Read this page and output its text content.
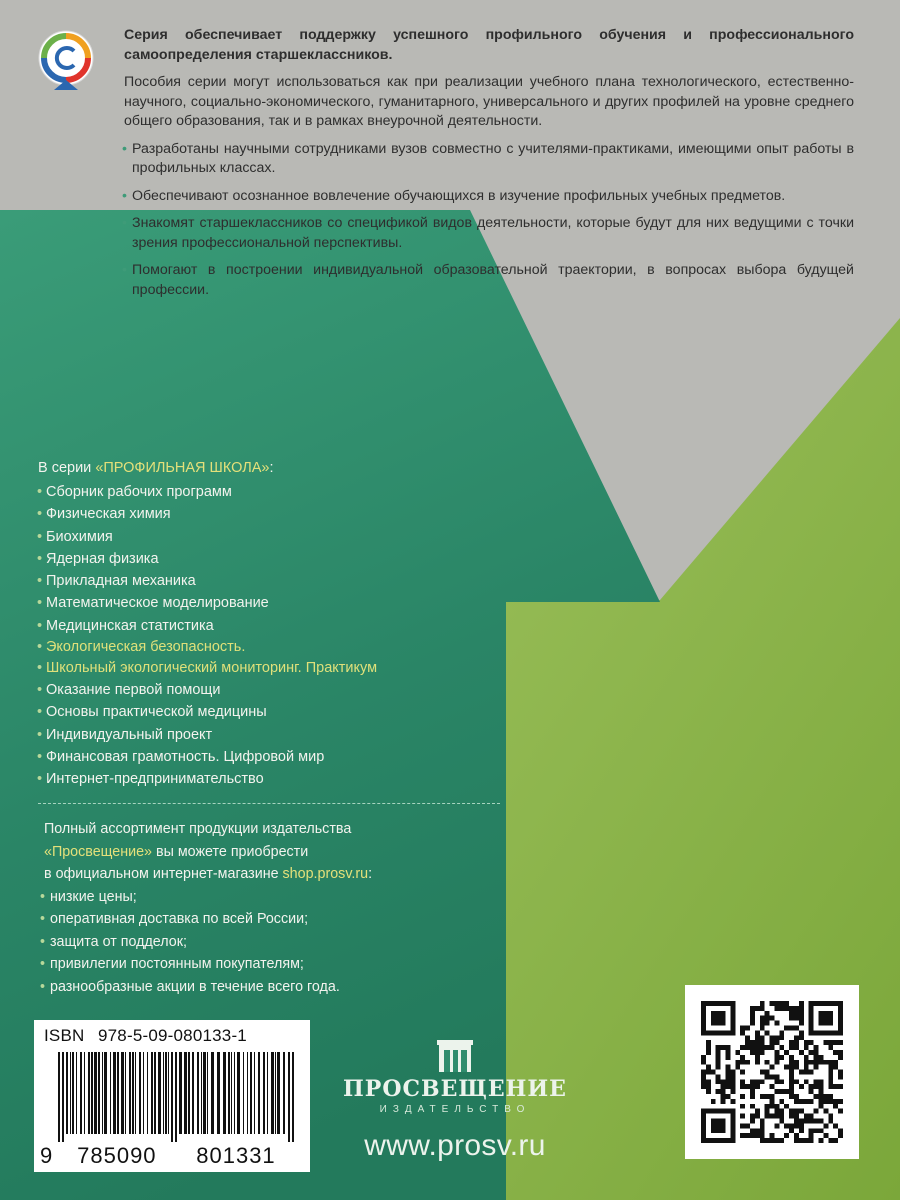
Серия обеспечивает поддержку успешного профильного обучения и профессионального самоопределения старшеклассников.

Пособия серии могут использоваться как при реализации учебного плана технологического, естественно-научного, социально-экономического, гуманитарного, универсального и других профилей на уровне среднего общего образования, так и в рамках внеурочной деятельности.

• Разработаны научными сотрудниками вузов совместно с учителями-практиками, имеющими опыт работы в профильных классах.

• Обеспечивают осознанное вовлечение обучающихся в изучение профильных учебных предметов.

• Знакомят старшеклассников со спецификой видов деятельности, которые будут для них ведущими с точки зрения профессиональной перспективы.

• Помогают в построении индивидуальной образовательной траектории, в вопросах выбора будущей профессии.

В серии «ПРОФИЛЬНАЯ ШКОЛА»:
• Сборник рабочих программ
• Физическая химия
• Биохимия
• Ядерная физика
• Прикладная механика
• Математическое моделирование
• Медицинская статистика
• Экологическая безопасность.
• Школьный экологический мониторинг. Практикум
• Оказание первой помощи
• Основы практической медицины
• Индивидуальный проект
• Финансовая грамотность. Цифровой мир
• Интернет-предпринимательство
Полный ассортимент продукции издательства
«Просвещение» вы можете приобрести
в официальном интернет-магазине shop.prosv.ru:
• низкие цены;
• оперативная доставка по всей России;
• защита от подделок;
• привилегии постоянным покупателям;
• разнообразные акции в течение всего года.
ISBN 978-5-09-080133-1
9 785090 801331
ПРОСВЕЩЕНИЕ
ИЗДАТЕЛЬСТВО
www.prosv.ru
